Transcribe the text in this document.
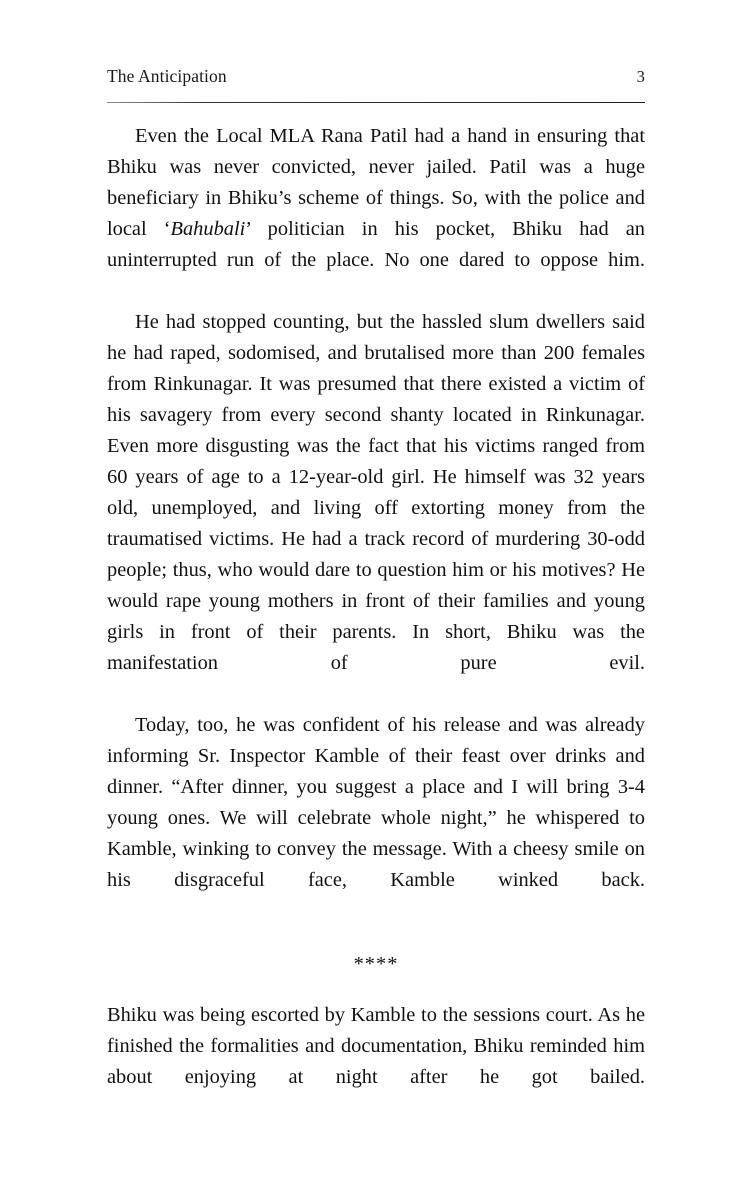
The Anticipation	3

Even the Local MLA Rana Patil had a hand in ensuring that Bhiku was never convicted, never jailed. Patil was a huge beneficiary in Bhiku’s scheme of things. So, with the police and local ‘Bahubali’ politician in his pocket, Bhiku had an uninterrupted run of the place. No one dared to oppose him.

He had stopped counting, but the hassled slum dwellers said he had raped, sodomised, and brutalised more than 200 females from Rinkunagar. It was presumed that there existed a victim of his savagery from every second shanty located in Rinkunagar. Even more disgusting was the fact that his victims ranged from 60 years of age to a 12-year-old girl. He himself was 32 years old, unemployed, and living off extorting money from the traumatised victims. He had a track record of murdering 30-odd people; thus, who would dare to question him or his motives? He would rape young mothers in front of their families and young girls in front of their parents. In short, Bhiku was the manifestation of pure evil.

Today, too, he was confident of his release and was already informing Sr. Inspector Kamble of their feast over drinks and dinner. “After dinner, you suggest a place and I will bring 3-4 young ones. We will celebrate whole night,” he whispered to Kamble, winking to convey the message. With a cheesy smile on his disgraceful face, Kamble winked back.

****

Bhiku was being escorted by Kamble to the sessions court. As he finished the formalities and documentation, Bhiku reminded him about enjoying at night after he got bailed.
